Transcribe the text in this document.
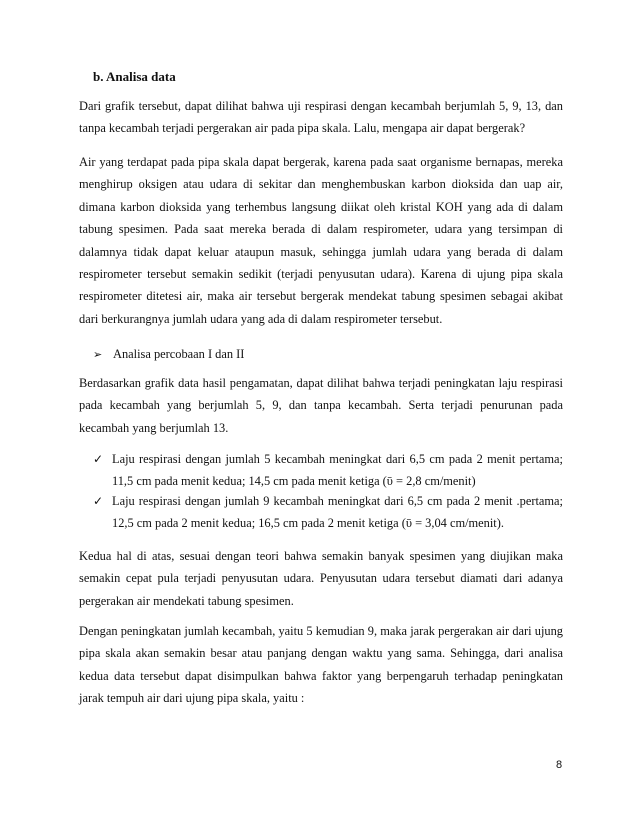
b. Analisa data

Dari grafik tersebut, dapat dilihat bahwa uji respirasi dengan kecambah berjumlah 5, 9, 13, dan tanpa kecambah terjadi pergerakan air pada pipa skala. Lalu, mengapa air dapat bergerak?

Air yang terdapat pada pipa skala dapat bergerak, karena pada saat organisme bernapas, mereka menghirup oksigen atau udara di sekitar dan menghembuskan karbon dioksida dan uap air, dimana karbon dioksida yang terhembus langsung diikat oleh kristal KOH yang ada di dalam tabung spesimen. Pada saat mereka berada di dalam respirometer, udara yang tersimpan di dalamnya tidak dapat keluar ataupun masuk, sehingga jumlah udara yang berada di dalam respirometer tersebut semakin sedikit (terjadi penyusutan udara). Karena di ujung pipa skala respirometer ditetesi air, maka air tersebut bergerak mendekat tabung spesimen sebagai akibat dari berkurangnya jumlah udara yang ada di dalam respirometer tersebut.

➢ Analisa percobaan I dan II

Berdasarkan grafik data hasil pengamatan, dapat dilihat bahwa terjadi peningkatan laju respirasi pada kecambah yang berjumlah 5, 9, dan tanpa kecambah. Serta terjadi penurunan pada kecambah yang berjumlah 13.

✓ Laju respirasi dengan jumlah 5 kecambah meningkat dari 6,5 cm pada 2 menit pertama; 11,5 cm pada menit kedua; 14,5 cm pada menit ketiga (ῡ = 2,8 cm/menit)
✓ Laju respirasi dengan jumlah 9 kecambah meningkat dari 6,5 cm pada 2 menit .pertama; 12,5 cm pada 2 menit kedua; 16,5 cm pada 2 menit ketiga (ῡ = 3,04 cm/menit).

Kedua hal di atas, sesuai dengan teori bahwa semakin banyak spesimen yang diujikan maka semakin cepat pula terjadi penyusutan udara. Penyusutan udara tersebut diamati dari adanya pergerakan air mendekati tabung spesimen.

Dengan peningkatan jumlah kecambah, yaitu 5 kemudian 9, maka jarak pergerakan air dari ujung pipa skala akan semakin besar atau panjang dengan waktu yang sama. Sehingga, dari analisa kedua data tersebut dapat disimpulkan bahwa faktor yang berpengaruh terhadap peningkatan jarak tempuh air dari ujung pipa skala, yaitu :

8
